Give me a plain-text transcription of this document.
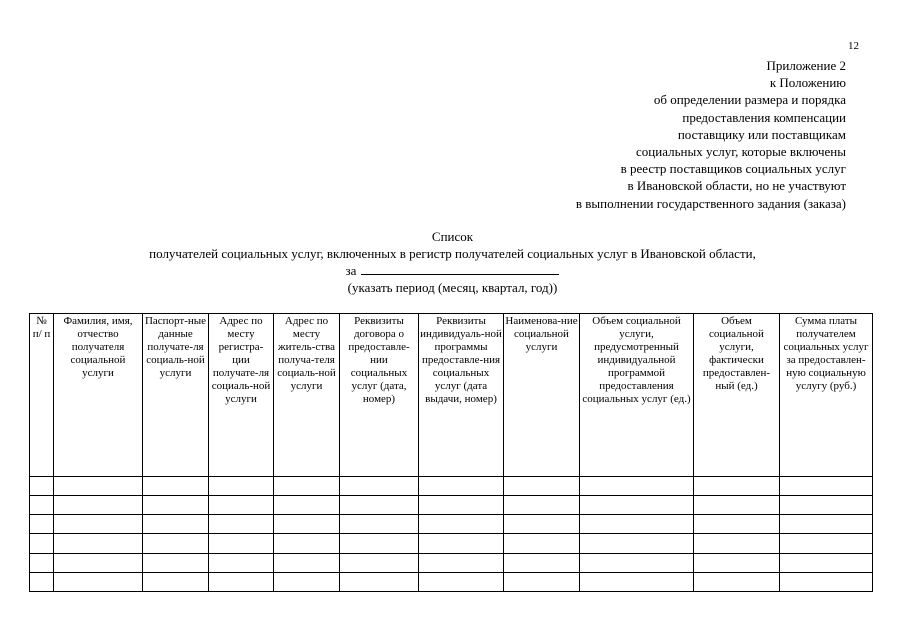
12
Приложение 2
к Положению
об определении размера и порядка
предоставления компенсации
поставщику или поставщикам
социальных услуг, которые включены
в реестр поставщиков социальных услуг
в Ивановской области, но не участвуют
в выполнении государственного задания (заказа)
Список
получателей социальных услуг, включенных в регистр получателей социальных услуг в Ивановской области,
за
(указать период (месяц, квартал, год))
№ п/ п	Фамилия, имя, отчество получателя социальной услуги	Паспорт-ные данные получате-ля социаль-ной услуги	Адрес по месту регистра-ции получате-ля социаль-ной услуги	Адрес по месту житель-ства получа-теля социаль-ной услуги	Реквизиты договора о предоставле-нии социальных услуг (дата, номер)	Реквизиты индивидуаль-ной программы предоставле-ния социальных услуг (дата выдачи, номер)	Наименова-ние социальной услуги	Объем социальной услуги, предусмотренный индивидуальной программой предоставления социальных услуг (ед.)	Объем социальной услуги, фактически предоставлен-ный (ед.)	Сумма платы получателем социальных услуг за предоставлен-ную социальную услугу (руб.)
